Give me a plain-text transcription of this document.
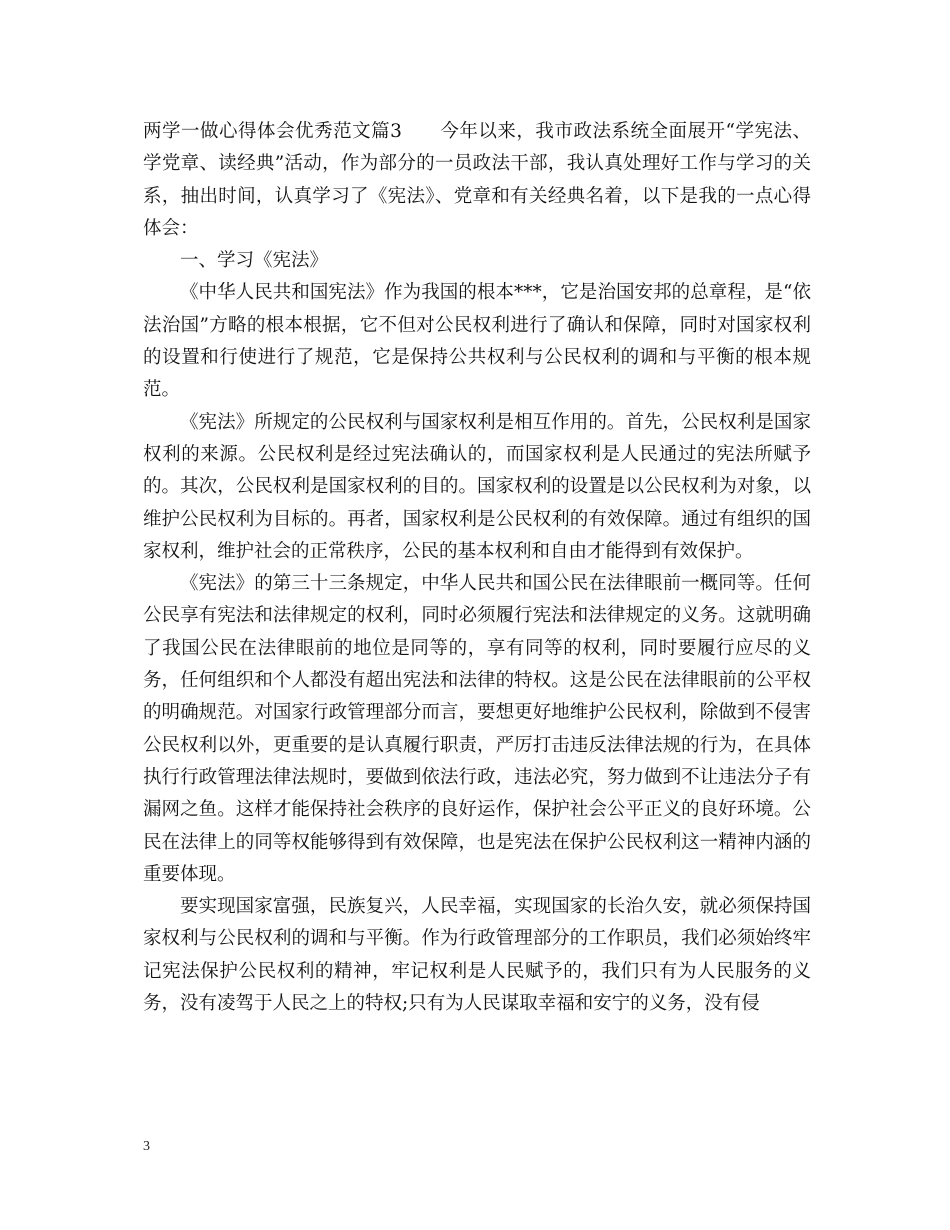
两学一做心得体会优秀范文篇3　　今年以来，我市政法系统全面展开“学宪法、学党章、读经典”活动，作为部分的一员政法干部，我认真处理好工作与学习的关系，抽出时间，认真学习了《宪法》、党章和有关经典名着，以下是我的一点心得体会：

一、学习《宪法》

《中华人民共和国宪法》作为我国的根本***，它是治国安邦的总章程，是“依法治国”方略的根本根据，它不但对公民权利进行了确认和保障，同时对国家权利的设置和行使进行了规范，它是保持公共权利与公民权利的调和与平衡的根本规范。

《宪法》所规定的公民权利与国家权利是相互作用的。首先，公民权利是国家权利的来源。公民权利是经过宪法确认的，而国家权利是人民通过的宪法所赋予的。其次，公民权利是国家权利的目的。国家权利的设置是以公民权利为对象，以维护公民权利为目标的。再者，国家权利是公民权利的有效保障。通过有组织的国家权利，维护社会的正常秩序，公民的基本权利和自由才能得到有效保护。

《宪法》的第三十三条规定，中华人民共和国公民在法律眼前一概同等。任何公民享有宪法和法律规定的权利，同时必须履行宪法和法律规定的义务。这就明确了我国公民在法律眼前的地位是同等的，享有同等的权利，同时要履行应尽的义务，任何组织和个人都没有超出宪法和法律的特权。这是公民在法律眼前的公平权的明确规范。对国家行政管理部分而言，要想更好地维护公民权利，除做到不侵害公民权利以外，更重要的是认真履行职责，严厉打击违反法律法规的行为，在具体执行行政管理法律法规时，要做到依法行政，违法必究，努力做到不让违法分子有漏网之鱼。这样才能保持社会秩序的良好运作，保护社会公平正义的良好环境。公民在法律上的同等权能够得到有效保障，也是宪法在保护公民权利这一精神内涵的重要体现。

要实现国家富强，民族复兴，人民幸福，实现国家的长治久安，就必须保持国家权利与公民权利的调和与平衡。作为行政管理部分的工作职员，我们必须始终牢记宪法保护公民权利的精神，牢记权利是人民赋予的，我们只有为人民服务的义务，没有凌驾于人民之上的特权;只有为人民谋取幸福和安宁的义务，没有侵

3
